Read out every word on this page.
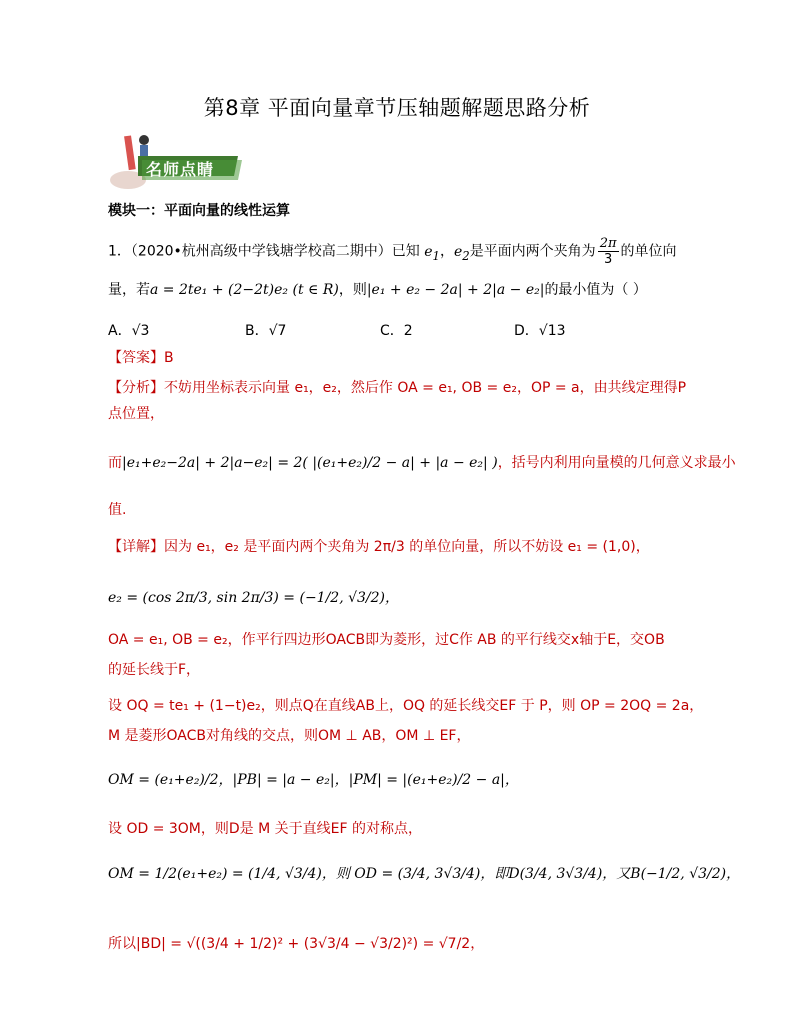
第8章 平面向量章节压轴题解题思路分析
名师点睛
模块一：平面向量的线性运算
1．（2020•杭州高级中学钱塘学校高二期中）已知 $e_1$，$e_2$是平面内两个夹角为 $\frac{2\pi}{3}$ 的单位向
量，若a = 2te₁ + (2−2t)e₂ (t ∈ R)，则|e₁ + e₂ − 2a| + 2|a − e₂|的最小值为（ ）
A．√3	B．√7	C．2	D．√13
【答案】B
【分析】不妨用坐标表示向量 e₁，e₂，然后作 OA = e₁, OB = e₂，OP = a，由共线定理得P
点位置，
而|e₁+e₂−2a| + 2|a−e₂| = 2( |(e₁+e₂)/2 − a| + |a − e₂| )，括号内利用向量模的几何意义求最小
值.
【详解】因为 e₁，e₂ 是平面内两个夹角为 2π/3 的单位向量，所以不妨设 e₁ = (1,0)，
e₂ = (cos 2π/3, sin 2π/3) = (−1/2, √3/2)，
OA = e₁, OB = e₂，作平行四边形OACB即为菱形，过C作 AB 的平行线交x轴于E，交OB
的延长线于F，
设 OQ = te₁ + (1−t)e₂，则点Q在直线AB上，OQ 的延长线交EF 于 P，则 OP = 2OQ = 2a，
M 是菱形OACB对角线的交点，则OM ⊥ AB，OM ⊥ EF，
OM = (e₁+e₂)/2，|PB| = |a − e₂|，|PM| = |(e₁+e₂)/2 − a|，
设 OD = 3OM，则D是 M 关于直线EF 的对称点，
OM = 1/2(e₁+e₂) = (1/4, √3/4)，则 OD = (3/4, 3√3/4)，即D(3/4, 3√3/4)，又B(−1/2, √3/2)，
所以|BD| = √((3/4 + 1/2)² + (3√3/4 − √3/2)²) = √7/2，
